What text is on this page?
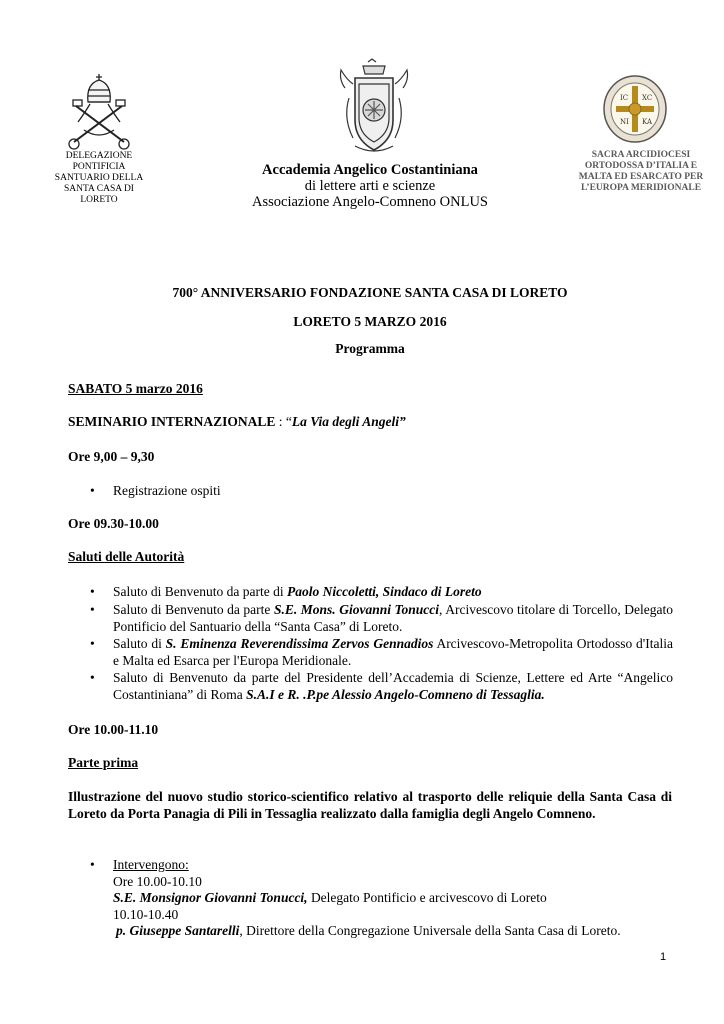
IC XC
NI KA
DELEGAZIONE PONTIFICIA SANTUARIO DELLA SANTA CASA DI LORETO
Accademia Angelico Costantiniana
di lettere arti e scienze
Associazione Angelo-Comneno ONLUS
SACRA ARCIDIOCESI ORTODOSSA D’ITALIA E MALTA ED ESARCATO PER L’EUROPA MERIDIONALE
700° ANNIVERSARIO FONDAZIONE SANTA CASA DI LORETO
LORETO 5 MARZO 2016
Programma
SABATO 5 marzo 2016
SEMINARIO INTERNAZIONALE : “La Via degli Angeli”
Ore 9,00 – 9,30
• Registrazione ospiti
Ore 09.30-10.00
Saluti delle Autorità
• Saluto di Benvenuto da parte di Paolo Niccoletti, Sindaco di Loreto
• Saluto di Benvenuto da parte S.E. Mons. Giovanni Tonucci, Arcivescovo titolare di Torcello, Delegato Pontificio del Santuario della “Santa Casa” di Loreto.
• Saluto di S. Eminenza Reverendissima Zervos Gennadios Arcivescovo-Metropolita Ortodosso d'Italia e Malta ed Esarca per l'Europa Meridionale.
• Saluto di Benvenuto da parte del Presidente dell’Accademia di Scienze, Lettere ed Arte “Angelico Costantiniana” di Roma S.A.I e R. .P.pe Alessio Angelo-Comneno di Tessaglia.
Ore 10.00-11.10
Parte prima
Illustrazione del nuovo studio storico-scientifico relativo al trasporto delle reliquie della Santa Casa di Loreto da Porta Panagia di Pili in Tessaglia realizzato dalla famiglia degli Angelo Comneno.
• Intervengono:
Ore 10.00-10.10
S.E. Monsignor Giovanni Tonucci, Delegato Pontificio e arcivescovo di Loreto
10.10-10.40
p. Giuseppe Santarelli, Direttore della Congregazione Universale della Santa Casa di Loreto.
1
